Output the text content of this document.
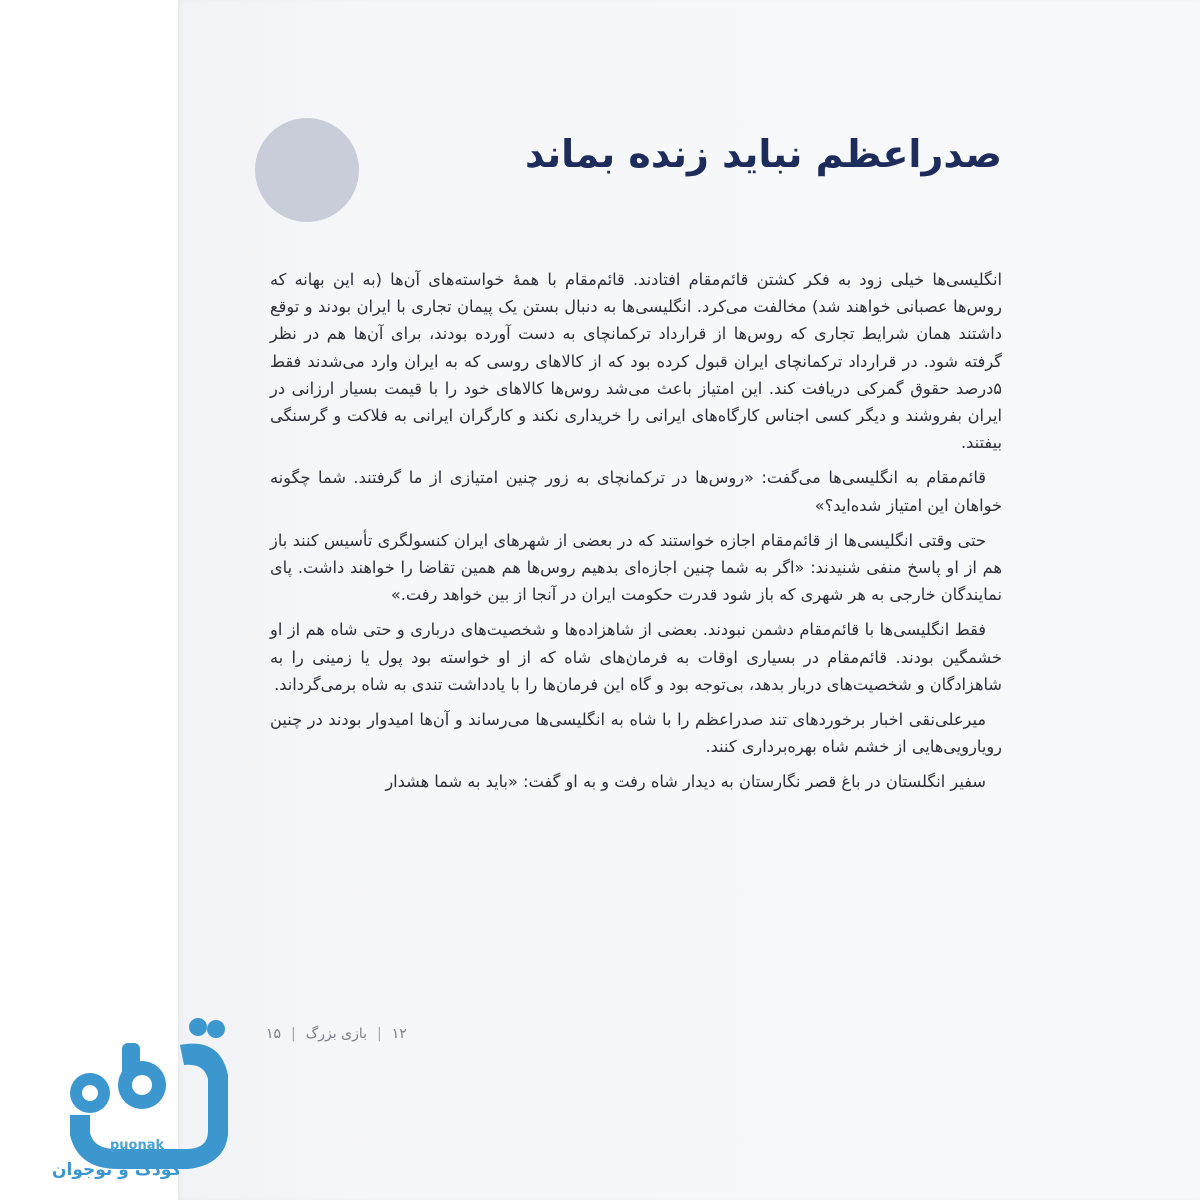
صدراعظم نباید زنده بماند

انگلیسی‌ها خیلی زود به فکر کشتن قائم‌مقام افتادند. قائم‌مقام با همهٔ خواسته‌های آن‌ها (به این بهانه که روس‌ها عصبانی خواهند شد) مخالفت می‌کرد. انگلیسی‌ها به دنبال بستن یک پیمان تجاری با ایران بودند و توقع داشتند همان شرایط تجاری که روس‌ها از قرارداد ترکمانچای به دست آورده بودند، برای آن‌ها هم در نظر گرفته شود. در قرارداد ترکمانچای ایران قبول کرده بود که از کالاهای روسی که به ایران وارد می‌شدند فقط ۵درصد حقوق گمرکی دریافت کند. این امتیاز باعث می‌شد روس‌ها کالاهای خود را با قیمت بسیار ارزانی در ایران بفروشند و دیگر کسی اجناس کارگاه‌های ایرانی را خریداری نکند و کارگران ایرانی به فلاکت و گرسنگی بیفتند.

قائم‌مقام به انگلیسی‌ها می‌گفت: «روس‌ها در ترکمانچای به زور چنین امتیازی از ما گرفتند. شما چگونه خواهان این امتیاز شده‌اید؟»

حتی وقتی انگلیسی‌ها از قائم‌مقام اجازه خواستند که در بعضی از شهرهای ایران کنسولگری تأسیس کنند باز هم از او پاسخ منفی شنیدند: «اگر به شما چنین اجازه‌ای بدهیم روس‌ها هم همین تقاضا را خواهند داشت. پای نمایندگان خارجی به هر شهری که باز شود قدرت حکومت ایران در آنجا از بین خواهد رفت.»

فقط انگلیسی‌ها با قائم‌مقام دشمن نبودند. بعضی از شاهزاده‌ها و شخصیت‌های درباری و حتی شاه هم از او خشمگین بودند. قائم‌مقام در بسیاری اوقات به فرمان‌های شاه که از او خواسته بود پول یا زمینی را به شاهزادگان و شخصیت‌های دربار بدهد، بی‌توجه بود و گاه این فرمان‌ها را با یادداشت تندی به شاه برمی‌گرداند.

میرعلی‌نقی اخبار برخوردهای تند صدراعظم را با شاه به انگلیسی‌ها می‌رساند و آن‌ها امیدوار بودند در چنین رویارویی‌هایی از خشم شاه بهره‌برداری کنند.

سفیر انگلستان در باغ قصر نگارستان به دیدار شاه رفت و به او گفت: «باید به شما هشدار

۱۲
|
بازی بزرگ
|
۱۵
puonak
کودک و نوجوان
